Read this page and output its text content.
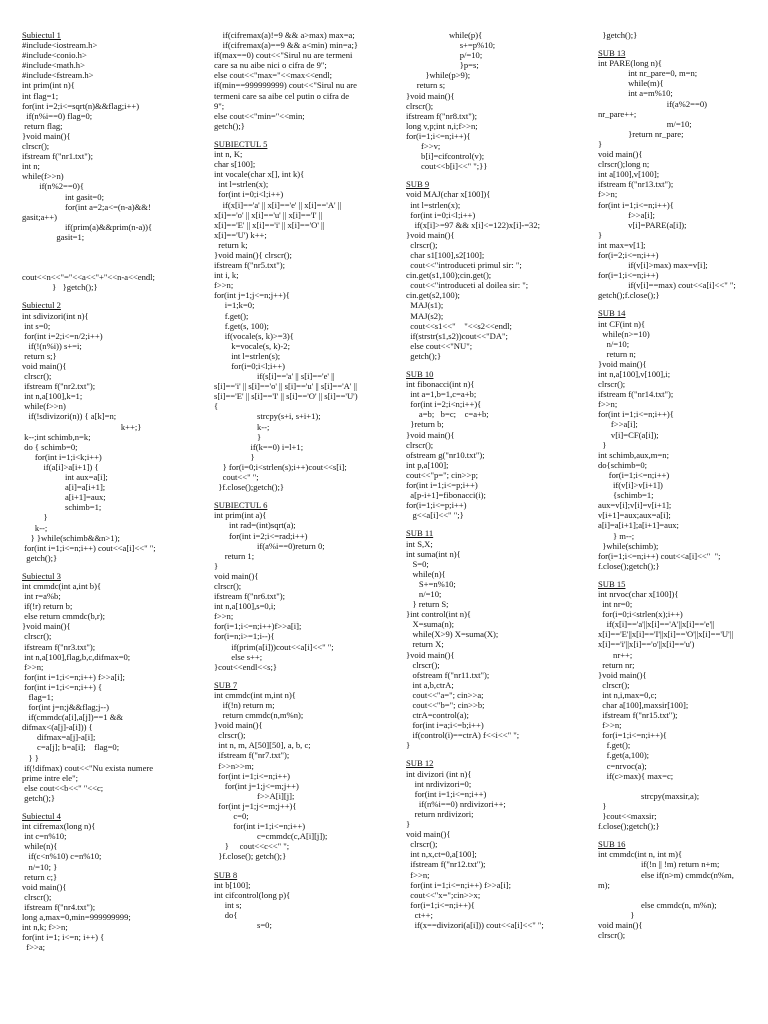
Subiectul 1
#include<iostream.h>
#include<conio.h>
#include<math.h>
#include<fstream.h>
int prim(int n){
int flag=1;
for(int i=2;i<=sqrt(n)&&flag;i++)
if(n%i==0) flag=0;
return flag;
}void main(){
clrscr();
ifstream f("nr1.txt");
int n;
while(f>>n)
if(n%2==0){
int gasit=0;
for(int a=2;a<=(n-a)&&!
gasit;a++)
if(prim(a)&&prim(n-a)){
gasit=1;
cout<<n<<"="<<a<<"+"<<n-a<<endl;
}   }getch();}
Subiectul 2
int sdivizori(int n){
int s=0;
for(int i=2;i<=n/2;i++)
if(!(n%i)) s+=i;
return s;}
void main(){
clrscr();
ifstream f("nr2.txt");
int n,a[100],k=1;
while(f>>n)
if(!sdivizori(n)) { a[k]=n;
k++;}
k--;int schimb,n=k;
do { schimb=0;
for(int i=1;i<k;i++)
if(a[i]>a[i+1]) {
int aux=a[i];
a[i]=a[i+1];
a[i+1]=aux;
schimb=1;
}
k--;
} }while(schimb&&n>1);
for(int i=1;i<=n;i++) cout<<a[i]<<" ";
getch();}
Subiectul 3
int cmmdc(int a,int b){
int r=a%b;
if(!r) return b;
else return cmmdc(b,r);
}void main(){
clrscr();
ifstream f("nr3.txt");
int n,a[100],flag,b,c,difmax=0;
f>>n;
for(int i=1;i<=n;i++) f>>a[i];
for(int i=1;i<=n;i++) {
flag=1;
for(int j=n;j&&flag;j--)
if(cmmdc(a[i],a[j])==1 &&
difmax<(a[j]-a[i])) {
difmax=a[j]-a[i];
c=a[j]; b=a[i];    flag=0;
} }
if(!difmax) cout<<"Nu exista numere
prime intre ele";
else cout<<b<<" "<<c;
getch();}
Subiectul 4
int cifremax(long n){
int c=n%10;
while(n){
if(c<n%10) c=n%10;
n/=10; }
return c;}
void main(){
clrscr();
ifstream f("nr4.txt");
long a,max=0,min=999999999;
int n,k; f>>n;
for(int i=1; i<=n; i++) {
f>>a;
if(cifremax(a)!=9 && a>max) max=a;
if(cifremax(a)==9 && a<min) min=a;}
if(max==0) cout<<"Sirul nu are termeni
care sa nu aibe nici o cifra de 9";
else cout<<"max="<<max<<endl;
if(min==999999999) cout<<"Sirul nu are
termeni care sa aibe cel putin o cifra de
9";
else cout<<"min="<<min;
getch();}
SUBIECTUL 5
int n, K;
char s[100];
int vocale(char x[], int k){
int l=strlen(x);
for(int i=0;i<l;i++)
if(x[i]=='a' || x[i]=='e' || x[i]=='A' ||
x[i]=='o' || x[i]=='u' || x[i]=='I' ||
x[i]=='E' || x[i]=='i' || x[i]=='O' ||
x[i]=='U') k++;
return k;
}void main(){ clrscr();
ifstream f("nr5.txt");
int i, k;
f>>n;
for(int j=1;j<=n;j++){
i=1;k=0;
f.get();
f.get(s, 100);
if(vocale(s, k)>=3){
k=vocale(s, k)-2;
int l=strlen(s);
for(i=0;i<l;i++)
if(s[i]=='a' || s[i]=='e' ||
s[i]=='i' || s[i]=='o' || s[i]=='u' || s[i]=='A' ||
s[i]=='E' || s[i]=='I' || s[i]=='O' || s[i]=='U')
{
strcpy(s+i, s+i+1);
k--;
}
if(k==0) i=l+1;
}
} for(i=0;i<strlen(s);i++)cout<<s[i];
cout<<" ";
}f.close();getch();}
SUBIECTUL 6
int prim(int a){
int rad=(int)sqrt(a);
for(int i=2;i<=rad;i++)
if(a%i==0)return 0;
return 1;
}
void main(){
clrscr();
ifstream f("nr6.txt");
int n,a[100],s=0,i;
f>>n;
for(i=1;i<=n;i++)f>>a[i];
for(i=n;i>=1;i--){
if(prim(a[i]))cout<<a[i]<<" ";
else s++;
}cout<<endl<<s;}
SUB 7
int cmmdc(int m,int n){
if(!n) return m;
return cmmdc(n,m%n);
}void main(){
clrscr();
int n, m, A[50][50], a, b, c;
ifstream f("nr7.txt");
f>>n>>m;
for(int i=1;i<=n;i++)
for(int j=1;j<=m;j++)
f>>A[i][j];
for(int j=1;j<=m;j++){
c=0;
for(int i=1;i<=n;i++)
c=cmmdc(c,A[i][j]);
}     cout<<c<<" ";
}f.close(); getch();}
SUB 8
int b[100];
int cifcontrol(long p){
int s;
do{
s=0;
while(p){
s+=p%10;
p/=10;
}p=s;
}while(p>9);
return s;
}void main(){
clrscr();
ifstream f("nr8.txt");
long v,p;int n,i;f>>n;
for(i=1;i<=n;i++){
f>>v;
b[i]=cifcontrol(v);
cout<<b[i]<<" ";}}
SUB 9
void MAJ(char x[100]){
int l=strlen(x);
for(int i=0;i<l;i++)
if(x[i]>=97 && x[i]<=122)x[i]-=32;
}void main(){
clrscr();
char s1[100],s2[100];
cout<<"introduceti primul sir: ";
cin.get(s1,100);cin.get();
cout<<"introduceti al doilea sir: ";
cin.get(s2,100);
MAJ(s1);
MAJ(s2);
cout<<s1<<"    "<<s2<<endl;
if(strstr(s1,s2))cout<<"DA";
else cout<<"NU";
getch();}
SUB 10
int fibonacci(int n){
int a=1,b=1,c=a+b;
for(int i=2;i<n;i++){
a=b;   b=c;    c=a+b;
}return b;
}void main(){
clrscr();
ofstream g("nr10.txt");
int p,a[100];
cout<<"p="; cin>>p;
for(int i=1;i<=p;i++)
a[p-i+1]=fibonacci(i);
for(i=1;i<=p;i++)
g<<a[i]<<" ";}
SUB 11
int S,X;
int suma(int n){
S=0;
while(n){
S+=n%10;
n/=10;
} return S;
}int control(int n){
X=suma(n);
while(X>9) X=suma(X);
return X;
}void main(){
clrscr();
ofstream f("nr11.txt");
int a,b,ctrA;
cout<<"a="; cin>>a;
cout<<"b="; cin>>b;
ctrA=control(a);
for(int i=a;i<=b;i++)
if(control(i)==ctrA) f<<i<<" ";
}
SUB 12
int divizori (int n){
int nrdivizori=0;
for(int i=1;i<=n;i++)
if(n%i==0) nrdivizori++;
return nrdivizori;
}
void main(){
clrscr();
int n,x,ct=0,a[100];
ifstream f("nr12.txt");
f>>n;
for(int i=1;i<=n;i++) f>>a[i];
cout<<"x=";cin>>x;
for(i=1;i<=n;i++){
ct++;
if(x==divizori(a[i])) cout<<a[i]<<" ";
}getch();}
SUB 13
int PARE(long n){
int nr_pare=0, m=n;
while(m){
int a=m%10;
if(a%2==0)
nr_pare++;
m/=10;
}return nr_pare;
}
void main(){
clrscr();long n;
int a[100],v[100];
ifstream f("nr13.txt");
f>>n;
for(int i=1;i<=n;i++){
f>>a[i];
v[i]=PARE(a[i]);
}
int max=v[1];
for(i=2;i<=n;i++)
if(v[i]>max) max=v[i];
for(i=1;i<=n;i++)
if(v[i]==max) cout<<a[i]<<" ";
getch();f.close();}
SUB 14
int CF(int n){
while(n>=10)
n/=10;
return n;
}void main(){
int n,a[100],v[100],i;
clrscr();
ifstream f("nr14.txt");
f>>n;
for(int i=1;i<=n;i++){
f>>a[i];
v[i]=CF(a[i]);
}
int schimb,aux,m=n;
do{schimb=0;
for(i=1;i<=n;i++)
if(v[i]>v[i+1])
{schimb=1;
aux=v[i];v[i]=v[i+1];
v[i+1]=aux;aux=a[i];
a[i]=a[i+1];a[i+1]=aux;
} m--;
}while(schimb);
for(i=1;i<=n;i++) cout<<a[i]<<"  ";
f.close();getch();}
SUB 15
int nrvoc(char x[100]){
int nr=0;
for(i=0;i<strlen(x);i++)
if(x[i]=='a'||x[i]=='A'||x[i]=='e'||
x[i]=='E'||x[i]=='I'||x[i]=='O'||x[i]=='U'||
x[i]=='i'||x[i]=='o'||x[i]=='u')
nr++;
return nr;
}void main(){
clrscr();
int n,i,max=0,c;
char a[100],maxsir[100];
ifstream f("nr15.txt");
f>>n;
for(i=1;i<=n;i++){
f.get();
f.get(a,100);
c=nrvoc(a);
if(c>max){ max=c;
strcpy(maxsir,a);
}
}cout<<maxsir;
f.close();getch();}
SUB 16
int cmmdc(int n, int m){
if(!n || !m) return n+m;
else if(n>m) cmmdc(n%m,
m);
else cmmdc(n, m%n);
}
void main(){
clrscr();
